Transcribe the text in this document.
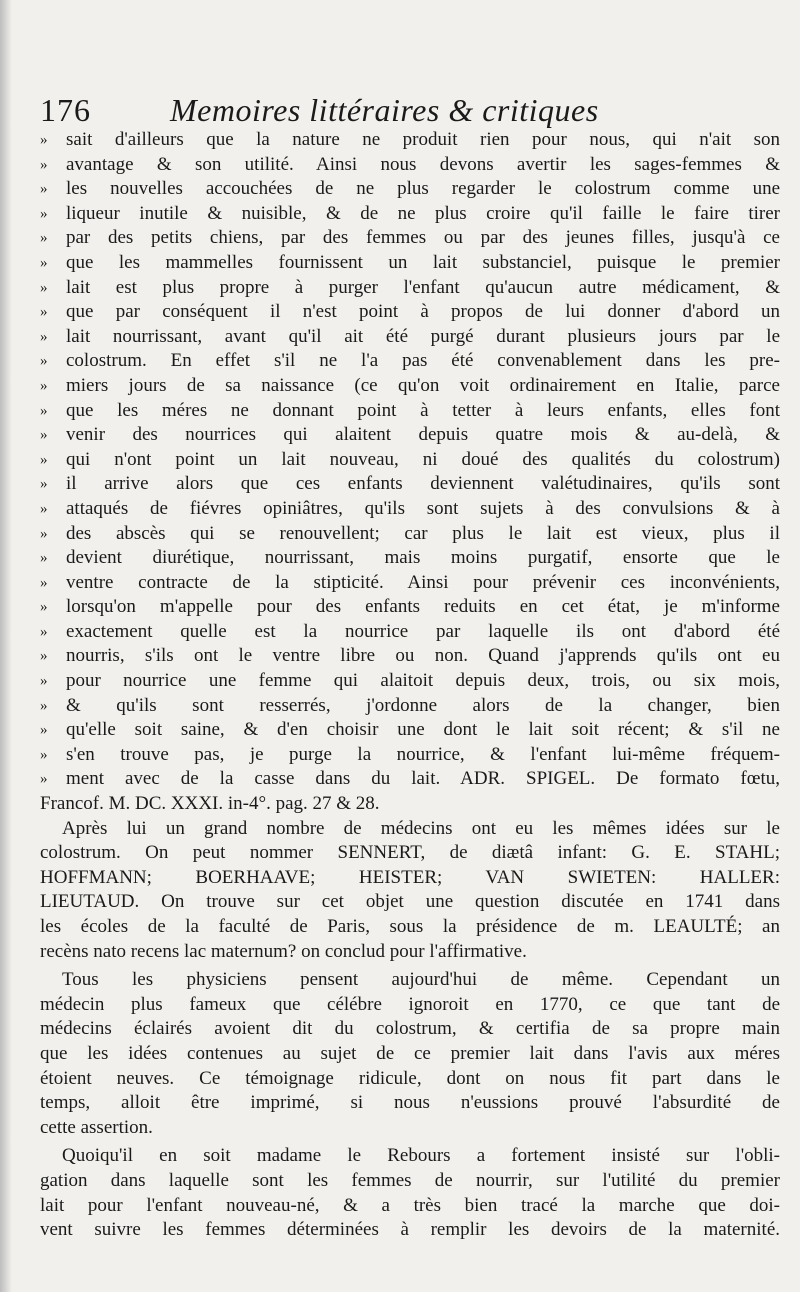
176 Memoires littéraires & critiques
» sait d'ailleurs que la nature ne produit rien pour nous, qui n'ait son
» avantage & son utilité. Ainsi nous devons avertir les sages-femmes &
» les nouvelles accouchées de ne plus regarder le colostrum comme une
» liqueur inutile & nuisible, & de ne plus croire qu'il faille le faire tirer
» par des petits chiens, par des femmes ou par des jeunes filles, jusqu'à ce
» que les mammelles fournissent un lait substanciel, puisque le premier
» lait est plus propre à purger l'enfant qu'aucun autre médicament, &
» que par conséquent il n'est point à propos de lui donner d'abord un
» lait nourrissant, avant qu'il ait été purgé durant plusieurs jours par le
» colostrum. En effet s'il ne l'a pas été convenablement dans les pre-
» miers jours de sa naissance (ce qu'on voit ordinairement en Italie, parce
» que les méres ne donnant point à tetter à leurs enfants, elles font
» venir des nourrices qui alaitent depuis quatre mois & au-delà, &
» qui n'ont point un lait nouveau, ni doué des qualités du colostrum)
» il arrive alors que ces enfants deviennent valétudinaires, qu'ils sont
» attaqués de fiévres opiniâtres, qu'ils sont sujets à des convulsions & à
» des abscès qui se renouvellent; car plus le lait est vieux, plus il
» devient diurétique, nourrissant, mais moins purgatif, ensorte que le
» ventre contracte de la stipticité. Ainsi pour prévenir ces inconvénients,
» lorsqu'on m'appelle pour des enfants reduits en cet état, je m'informe
» exactement quelle est la nourrice par laquelle ils ont d'abord été
» nourris, s'ils ont le ventre libre ou non. Quand j'apprends qu'ils ont eu
» pour nourrice une femme qui alaitoit depuis deux, trois, ou six mois,
» & qu'ils sont resserrés, j'ordonne alors de la changer, bien
» qu'elle soit saine, & d'en choisir une dont le lait soit récent; & s'il ne
» s'en trouve pas, je purge la nourrice, & l'enfant lui-même fréquem-
» ment avec de la casse dans du lait. ADR. SPIGEL. De formato fœtu,
Francof. M. DC. XXXI. in-4°. pag. 27 & 28.
Après lui un grand nombre de médecins ont eu les mêmes idées sur le
colostrum. On peut nommer SENNERT, de diætâ infant: G. E. STAHL;
HOFFMANN; BOERHAAVE; HEISTER; VAN SWIETEN: HALLER:
LIEUTAUD. On trouve sur cet objet une question discutée en 1741 dans
les écoles de la faculté de Paris, sous la présidence de m. LEAULTÉ; an
recèns nato recens lac maternum? on conclud pour l'affirmative.
Tous les physiciens pensent aujourd'hui de même. Cependant un
médecin plus fameux que célébre ignoroit en 1770, ce que tant de
médecins éclairés avoient dit du colostrum, & certifia de sa propre main
que les idées contenues au sujet de ce premier lait dans l'avis aux méres
étoient neuves. Ce témoignage ridicule, dont on nous fit part dans le
temps, alloit être imprimé, si nous n'eussions prouvé l'absurdité de
cette assertion.
Quoiqu'il en soit madame le Rebours a fortement insisté sur l'obli-
gation dans laquelle sont les femmes de nourrir, sur l'utilité du premier
lait pour l'enfant nouveau-né, & a très bien tracé la marche que doi-
vent suivre les femmes déterminées à remplir les devoirs de la maternité.
